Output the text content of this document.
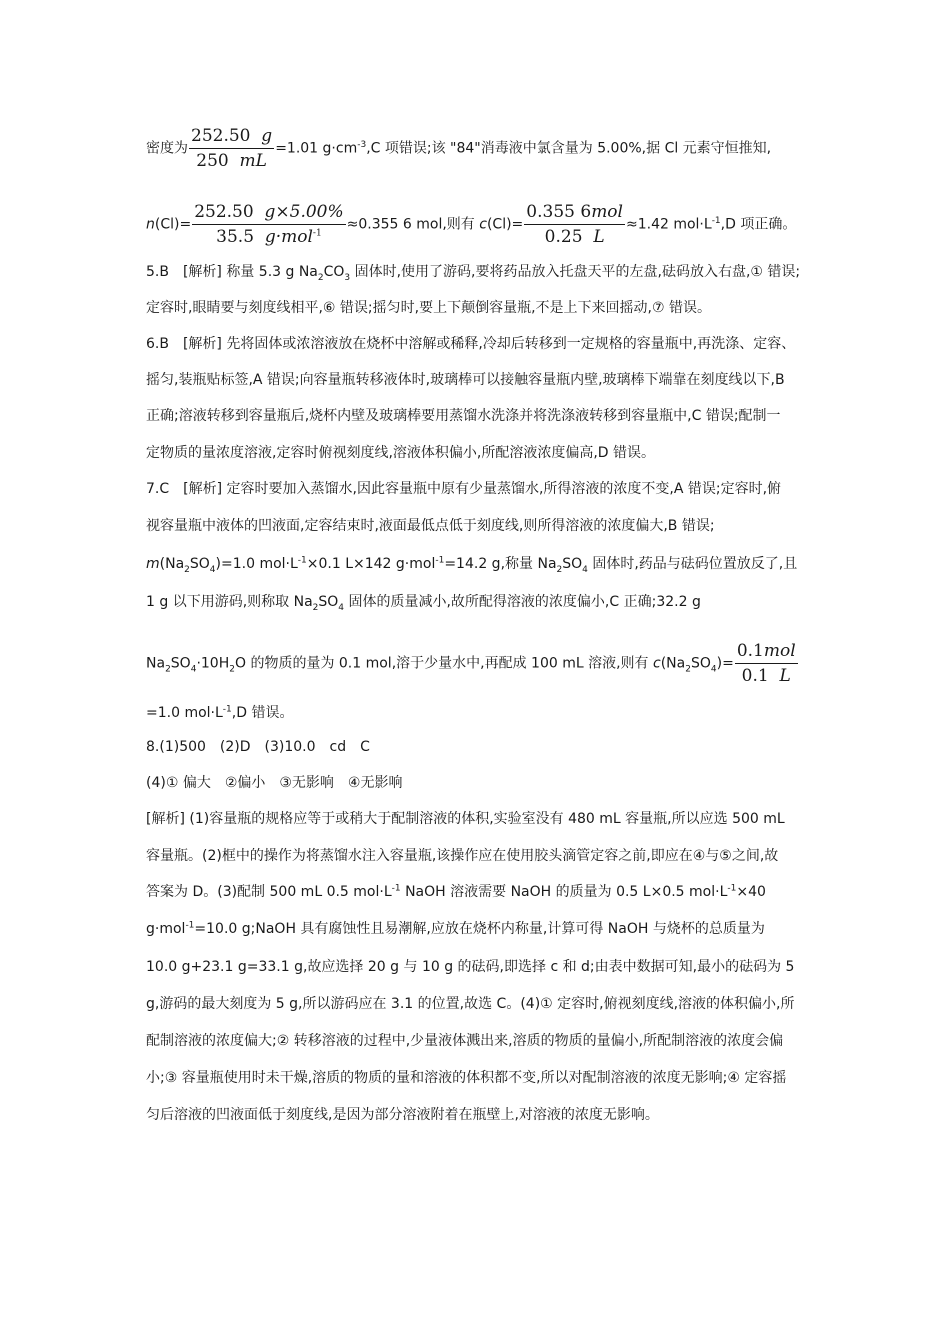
密度为 $\frac{252.50 g}{250 mL} =1.01$ $g\cdot cm^{-3},C$ 项错误;该 "84"消毒液中氯含量为 5.00%,据 Cl 元素守恒推知,
$n(Cl)= \frac{252.50 g\times 5.00\%}{35.5 g\cdot mol^{-1}} \approx 0.355$ 6 mol,则有 $c(Cl)= \frac{\text{0.355 6mol}}{0.25 L} \approx 1.42$ $mol\cdot L^{-1},D$ 项正确。
5.B　[解析] 称量 5.3 g $Na_2CO_3$ 固体时,使用了游码,要将药品放入托盘天平的左盘,砝码放入右盘,① 错误;
定容时,眼睛要与刻度线相平,⑥ 错误;摇匀时,要上下颠倒容量瓶,不是上下来回摇动,⑦ 错误。
6.B　[解析] 先将固体或浓溶液放在烧杯中溶解或稀释,冷却后转移到一定规格的容量瓶中,再洗涤、定容、
摇匀,装瓶贴标签,A 错误;向容量瓶转移液体时,玻璃棒可以接触容量瓶内壁,玻璃棒下端靠在刻度线以下,B
正确;溶液转移到容量瓶后,烧杯内壁及玻璃棒要用蒸馏水洗涤并将洗涤液转移到容量瓶中,C 错误;配制一
定物质的量浓度溶液,定容时俯视刻度线,溶液体积偏小,所配溶液浓度偏高,D 错误。
7.C　[解析] 定容时要加入蒸馏水,因此容量瓶中原有少量蒸馏水,所得溶液的浓度不变,A 错误;定容时,俯
视容量瓶中液体的凹液面,定容结束时,液面最低点低于刻度线,则所得溶液的浓度偏大,B 错误;
$m(Na_2SO_4)=1.0$ $mol\cdot L^{-1}\times 0.1$ L×142 g·mol$^{-1}$=14.2 g,称量 $Na_2SO_4$ 固体时,药品与砝码位置放反了,且
1 g 以下用游码,则称取 $Na_2SO_4$ 固体的质量减小,故所配得溶液的浓度偏小,C 正确;32.2 g
$Na_2SO_4\cdot 10H_2O$ 的物质的量为 0.1 mol,溶于少量水中,再配成 100 mL 溶液,则有 $c(Na_2SO_4)= \frac{\text{0.1mol}}{0.1 L}$
=1.0 $mol\cdot L^{-1},D$ 错误。
8.(1)500　(2)D　(3)10.0　cd　C
(4)① 偏大　②偏小　③无影响　④无影响
[解析] (1)容量瓶的规格应等于或稍大于配制溶液的体积,实验室没有 480 mL 容量瓶,所以应选 500 mL
容量瓶。(2)框中的操作为将蒸馏水注入容量瓶,该操作应在使用胶头滴管定容之前,即应在④与⑤之间,故
答案为 D。(3)配制 500 mL 0.5 $mol\cdot L^{-1}$ NaOH 溶液需要 NaOH 的质量为 0.5 L×0.5 $mol\cdot L^{-1}\times 40$
g·mol$^{-1}$=10.0 g;NaOH 具有腐蚀性且易潮解,应放在烧杯内称量,计算可得 NaOH 与烧杯的总质量为
10.0 g+23.1 g=33.1 g,故应选择 20 g 与 10 g 的砝码,即选择 c 和 d;由表中数据可知,最小的砝码为 5
g,游码的最大刻度为 5 g,所以游码应在 3.1 的位置,故选 C。(4)① 定容时,俯视刻度线,溶液的体积偏小,所
配制溶液的浓度偏大;② 转移溶液的过程中,少量液体溅出来,溶质的物质的量偏小,所配制溶液的浓度会偏
小;③ 容量瓶使用时未干燥,溶质的物质的量和溶液的体积都不变,所以对配制溶液的浓度无影响;④ 定容摇
匀后溶液的凹液面低于刻度线,是因为部分溶液附着在瓶壁上,对溶液的浓度无影响。
